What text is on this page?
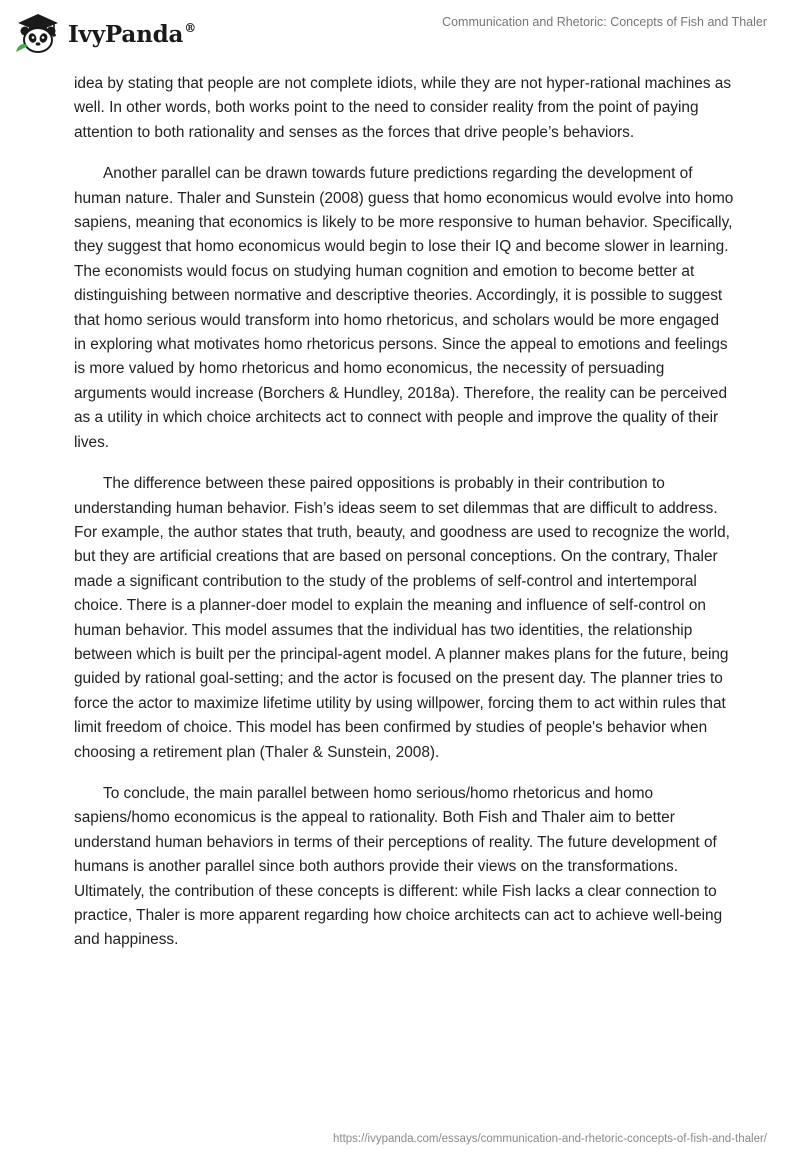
IvyPanda®	Communication and Rhetoric: Concepts of Fish and Thaler

idea by stating that people are not complete idiots, while they are not hyper-rational machines as well. In other words, both works point to the need to consider reality from the point of paying attention to both rationality and senses as the forces that drive people’s behaviors.

Another parallel can be drawn towards future predictions regarding the development of human nature. Thaler and Sunstein (2008) guess that homo economicus would evolve into homo sapiens, meaning that economics is likely to be more responsive to human behavior. Specifically, they suggest that homo economicus would begin to lose their IQ and become slower in learning. The economists would focus on studying human cognition and emotion to become better at distinguishing between normative and descriptive theories. Accordingly, it is possible to suggest that homo serious would transform into homo rhetoricus, and scholars would be more engaged in exploring what motivates homo rhetoricus persons. Since the appeal to emotions and feelings is more valued by homo rhetoricus and homo economicus, the necessity of persuading arguments would increase (Borchers & Hundley, 2018a). Therefore, the reality can be perceived as a utility in which choice architects act to connect with people and improve the quality of their lives.

The difference between these paired oppositions is probably in their contribution to understanding human behavior. Fish’s ideas seem to set dilemmas that are difficult to address. For example, the author states that truth, beauty, and goodness are used to recognize the world, but they are artificial creations that are based on personal conceptions. On the contrary, Thaler made a significant contribution to the study of the problems of self-control and intertemporal choice. There is a planner-doer model to explain the meaning and influence of self-control on human behavior. This model assumes that the individual has two identities, the relationship between which is built per the principal-agent model. A planner makes plans for the future, being guided by rational goal-setting; and the actor is focused on the present day. The planner tries to force the actor to maximize lifetime utility by using willpower, forcing them to act within rules that limit freedom of choice. This model has been confirmed by studies of people's behavior when choosing a retirement plan (Thaler & Sunstein, 2008).

To conclude, the main parallel between homo serious/homo rhetoricus and homo sapiens/homo economicus is the appeal to rationality. Both Fish and Thaler aim to better understand human behaviors in terms of their perceptions of reality. The future development of humans is another parallel since both authors provide their views on the transformations. Ultimately, the contribution of these concepts is different: while Fish lacks a clear connection to practice, Thaler is more apparent regarding how choice architects can act to achieve well-being and happiness.

https://ivypanda.com/essays/communication-and-rhetoric-concepts-of-fish-and-thaler/
